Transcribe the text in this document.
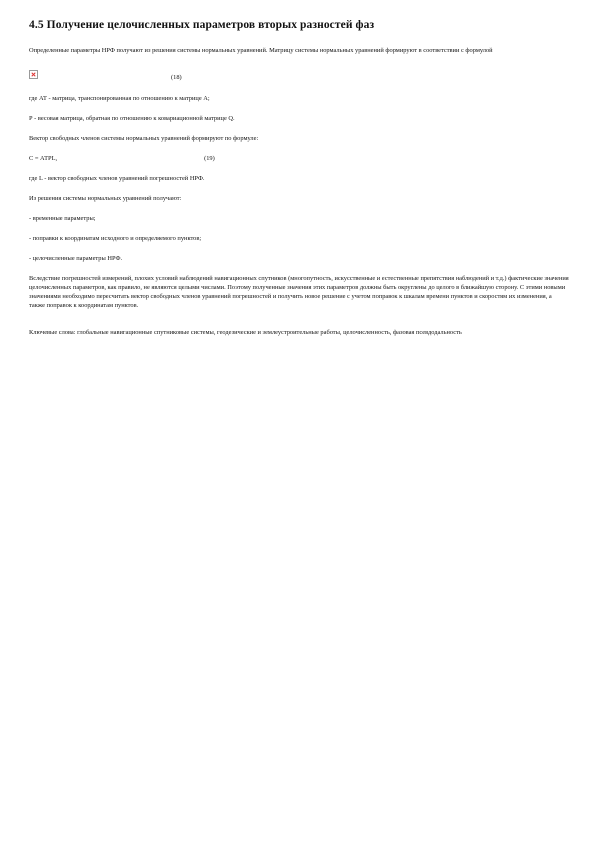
4.5 Получение целочисленных параметров вторых разностей фаз

Определенные параметры НРФ получают из решения системы нормальных уравнений. Матрицу системы нормальных уравнений формируют в соответствии с формулой

(18)

где АТ - матрица, транспонированная по отношению к матрице А;

Р - весовая матрица, обратная по отношению к ковариационной матрице Q.

Вектор свободных членов системы нормальных уравнений формируют по формуле:

С = АТРL,	(19)

где L - вектор свободных членов уравнений погрешностей НРФ.

Из решения системы нормальных уравнений получают:

- временные параметры;

- поправки к координатам исходного и определяемого пунктов;

- целочисленные параметры НРФ.

Вследствие погрешностей измерений, плохих условий наблюдений навигационных спутников (многопутность, искусственные и естественные препятствия наблюдений и т.д.) фактические значения целочисленных параметров, как правило, не являются целыми числами. Поэтому полученные значения этих параметров должны быть округлены до целого в ближайшую сторону. С этими новыми значениями необходимо пересчитать вектор свободных членов уравнений погрешностей и получить новое решение с учетом поправок к шкалам времени пунктов и скоростям их изменения, а также поправок к координатам пунктов.

Ключевые слова: глобальные навигационные спутниковые системы, геодезические и землеустроительные работы, целочисленность, фазовая псевдодальность
